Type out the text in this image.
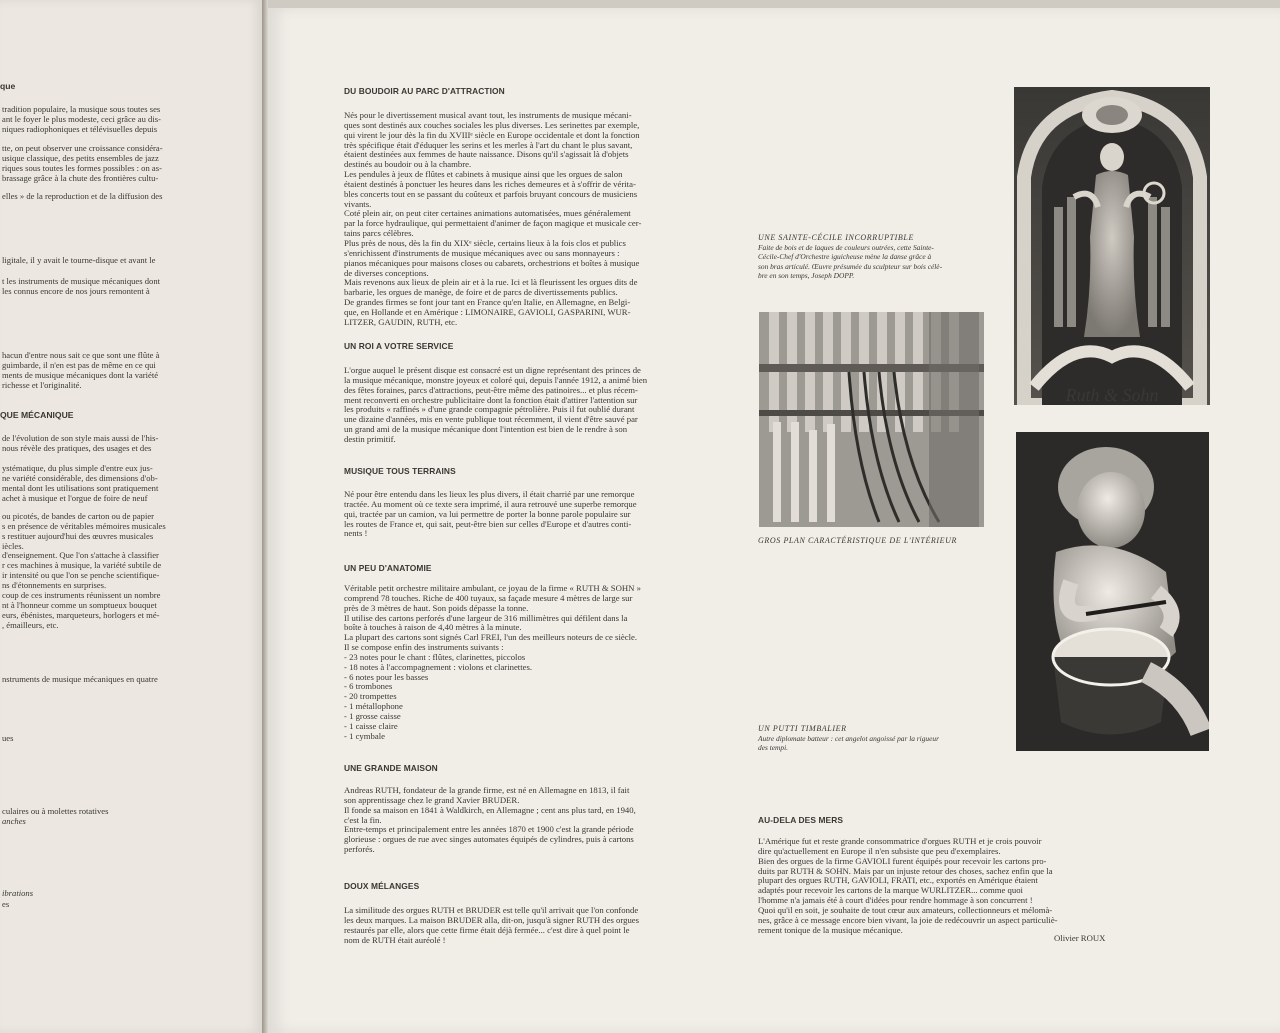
que
tradition populaire, la musique sous toutes ses
ant le foyer le plus modeste, ceci grâce au dis-
niques radiophoniques et télévisuelles depuis
tte, on peut observer une croissance considéra-
usique classique, des petits ensembles de jazz
riques sous toutes les formes possibles : on as-
brassage grâce à la chute des frontières cultu-
elles » de la reproduction et de la diffusion des
ligitale, il y avait le tourne-disque et avant le
t les instruments de musique mécaniques dont
les connus encore de nos jours remontent à
hacun d'entre nous sait ce que sont une flûte à
guimbarde, il n'en est pas de même en ce qui
ments de musique mécaniques dont la variété
richesse et l'originalité.
QUE MÉCANIQUE
de l'évolution de son style mais aussi de l'his-
nous révèle des pratiques, des usages et des
ystématique, du plus simple d'entre eux jus-
ne variété considérable, des dimensions d'ob-
mental dont les utilisations sont pratiquement
achet à musique et l'orgue de foire de neuf
ou picotés, de bandes de carton ou de papier
s en présence de véritables mémoires musicales
s restituer aujourd'hui des œuvres musicales
iècles.
d'enseignement. Que l'on s'attache à classifier
r ces machines à musique, la variété subtile de
ir intensité ou que l'on se penche scientifique-
ns d'étonnements en surprises.
coup de ces instruments réunissent un nombre
nt à l'honneur comme un somptueux bouquet
eurs, ébénistes, marqueteurs, horlogers et mé-
, émailleurs, etc.
nstruments de musique mécaniques en quatre
ues
culaires ou à molettes rotatives
anches
ibrations
es
DU BOUDOIR AU PARC D'ATTRACTION
Nés pour le divertissement musical avant tout, les instruments de musique mécani-
ques sont destinés aux couches sociales les plus diverses. Les serinettes par exemple,
qui virent le jour dès la fin du XVIIIᵉ siècle en Europe occidentale et dont la fonction
très spécifique était d'éduquer les serins et les merles à l'art du chant le plus savant,
étaient destinées aux femmes de haute naissance. Disons qu'il s'agissait là d'objets
destinés au boudoir ou à la chambre.
Les pendules à jeux de flûtes et cabinets à musique ainsi que les orgues de salon
étaient destinés à ponctuer les heures dans les riches demeures et à s'offrir de vérita-
bles concerts tout en se passant du coûteux et parfois bruyant concours de musiciens
vivants.
Coté plein air, on peut citer certaines animations automatisées, mues généralement
par la force hydraulique, qui permettaient d'animer de façon magique et musicale cer-
tains parcs célèbres.
Plus près de nous, dès la fin du XIXᵉ siècle, certains lieux à la fois clos et publics
s'enrichissent d'instruments de musique mécaniques avec ou sans monnayeurs :
pianos mécaniques pour maisons closes ou cabarets, orchestrions et boîtes à musique
de diverses conceptions.
Mais revenons aux lieux de plein air et à la rue. Ici et là fleurissent les orgues dits de
barbarie, les orgues de manège, de foire et de parcs de divertissements publics.
De grandes firmes se font jour tant en France qu'en Italie, en Allemagne, en Belgi-
que, en Hollande et en Amérique : LIMONAIRE, GAVIOLI, GASPARINI, WUR-
LITZER, GAUDIN, RUTH, etc.
UN ROI A VOTRE SERVICE
L'orgue auquel le présent disque est consacré est un digne représentant des princes de
la musique mécanique, monstre joyeux et coloré qui, depuis l'année 1912, a animé bien
des fêtes foraines, parcs d'attractions, peut-être même des patinoires... et plus récem-
ment reconverti en orchestre publicitaire dont la fonction était d'attirer l'attention sur
les produits « raffinés » d'une grande compagnie pétrolière. Puis il fut oublié durant
une dizaine d'années, mis en vente publique tout récemment, il vient d'être sauvé par
un grand ami de la musique mécanique dont l'intention est bien de le rendre à son
destin primitif.
MUSIQUE TOUS TERRAINS
Né pour être entendu dans les lieux les plus divers, il était charrié par une remorque
tractée. Au moment où ce texte sera imprimé, il aura retrouvé une superbe remorque
qui, tractée par un camion, va lui permettre de porter la bonne parole populaire sur
les routes de France et, qui sait, peut-être bien sur celles d'Europe et d'autres conti-
nents !
UN PEU D'ANATOMIE
Véritable petit orchestre militaire ambulant, ce joyau de la firme « RUTH & SOHN »
comprend 78 touches. Riche de 400 tuyaux, sa façade mesure 4 mètres de large sur
près de 3 mètres de haut. Son poids dépasse la tonne.
Il utilise des cartons perforés d'une largeur de 316 millimètres qui défilent dans la
boîte à touches à raison de 4,40 mètres à la minute.
La plupart des cartons sont signés Carl FREI, l'un des meilleurs noteurs de ce siècle.
Il se compose enfin des instruments suivants :
- 23 notes pour le chant : flûtes, clarinettes, piccolos
- 18 notes à l'accompagnement : violons et clarinettes.
- 6 notes pour les basses
- 6 trombones
- 20 trompettes
- 1 métallophone
- 1 grosse caisse
- 1 caisse claire
- 1 cymbale
UNE GRANDE MAISON
Andreas RUTH, fondateur de la grande firme, est né en Allemagne en 1813, il fait
son apprentissage chez le grand Xavier BRUDER.
Il fonde sa maison en 1841 à Waldkirch, en Allemagne ; cent ans plus tard, en 1940,
c'est la fin.
Entre-temps et principalement entre les années 1870 et 1900 c'est la grande période
glorieuse : orgues de rue avec singes automates équipés de cylindres, puis à cartons
perforés.
DOUX MÉLANGES
La similitude des orgues RUTH et BRUDER est telle qu'il arrivait que l'on confonde
les deux marques. La maison BRUDER alla, dit-on, jusqu'à signer RUTH des orgues
restaurés par elle, alors que cette firme était déjà fermée... c'est dire à quel point le
nom de RUTH était auréolé !
AU-DELA DES MERS
L'Amérique fut et reste grande consommatrice d'orgues RUTH et je crois pouvoir
dire qu'actuellement en Europe il n'en subsiste que peu d'exemplaires.
Bien des orgues de la firme GAVIOLI furent équipés pour recevoir les cartons pro-
duits par RUTH & SOHN. Mais par un injuste retour des choses, sachez enfin que la
plupart des orgues RUTH, GAVIOLI, FRATI, etc., exportés en Amérique étaient
adaptés pour recevoir les cartons de la marque WURLITZER... comme quoi
l'homme n'a jamais été à court d'idées pour rendre hommage à son concurrent !
Quoi qu'il en soit, je souhaite de tout cœur aux amateurs, collectionneurs et mélomà-
nes, grâce à ce message encore bien vivant, la joie de redécouvrir un aspect particuliè-
rement tonique de la musique mécanique.
Olivier ROUX
Ruth & Sohn
UNE SAINTE-CÉCILE INCORRUPTIBLE
Faite de bois et de laques de couleurs outrées, cette Sainte-
Cécile-Chef d'Orchestre iguicheuse mène la danse grâce à
son bras articulé. Œuvre présumée du sculpteur sur bois célè-
bre en son temps, Joseph DOPP.
GROS PLAN CARACTÉRISTIQUE DE L'INTÉRIEUR
UN PUTTI TIMBALIER
Autre diplomate batteur : cet angelot angoissé par la rigueur
des tempi.
